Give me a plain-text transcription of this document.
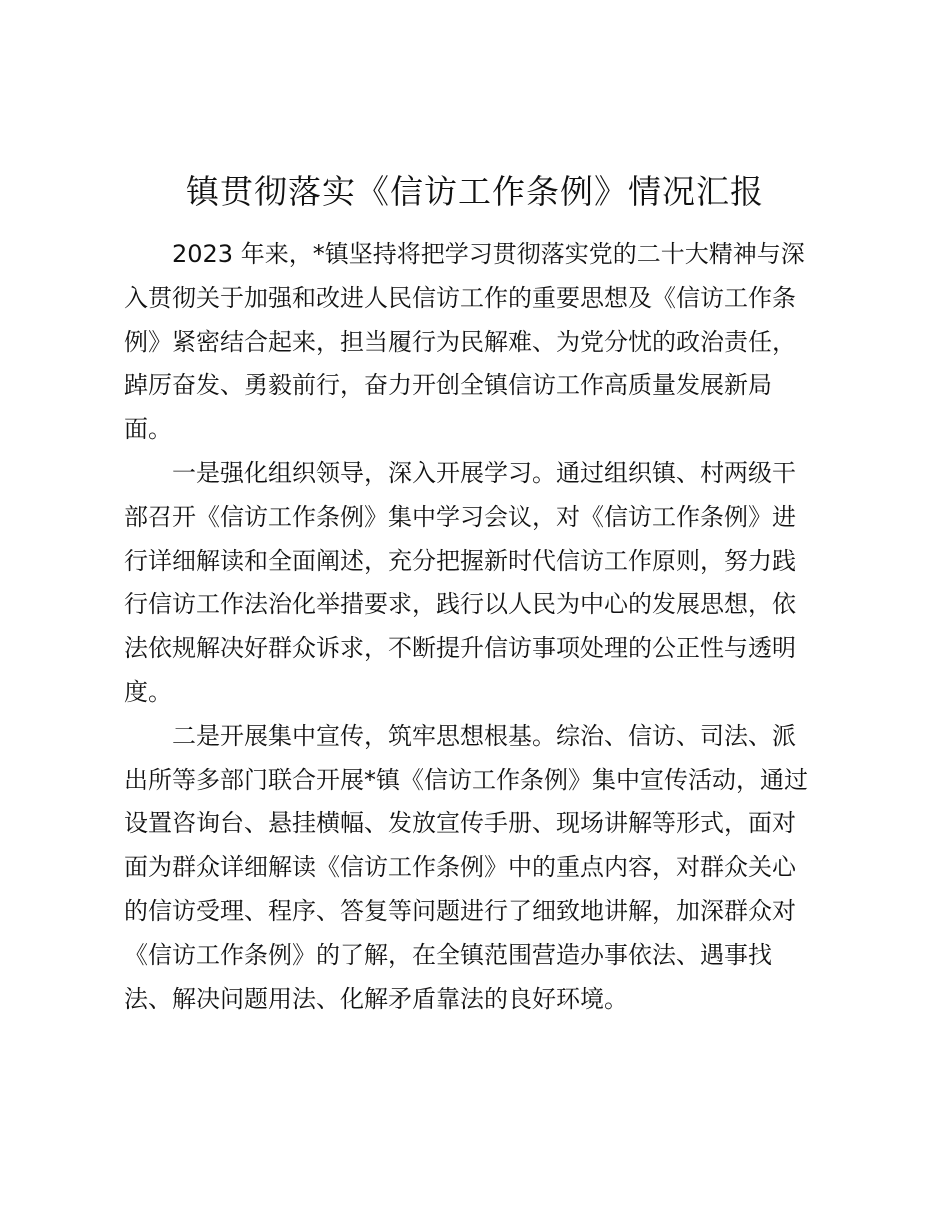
镇贯彻落实《信访工作条例》情况汇报
2023 年来，*镇坚持将把学习贯彻落实党的二十大精神与深
入贯彻关于加强和改进人民信访工作的重要思想及《信访工作条
例》紧密结合起来，担当履行为民解难、为党分忧的政治责任，
踔厉奋发、勇毅前行，奋力开创全镇信访工作高质量发展新局
面。
一是强化组织领导，深入开展学习。通过组织镇、村两级干
部召开《信访工作条例》集中学习会议，对《信访工作条例》进
行详细解读和全面阐述，充分把握新时代信访工作原则，努力践
行信访工作法治化举措要求，践行以人民为中心的发展思想，依
法依规解决好群众诉求，不断提升信访事项处理的公正性与透明
度。
二是开展集中宣传，筑牢思想根基。综治、信访、司法、派
出所等多部门联合开展*镇《信访工作条例》集中宣传活动，通过
设置咨询台、悬挂横幅、发放宣传手册、现场讲解等形式，面对
面为群众详细解读《信访工作条例》中的重点内容，对群众关心
的信访受理、程序、答复等问题进行了细致地讲解，加深群众对
《信访工作条例》的了解，在全镇范围营造办事依法、遇事找
法、解决问题用法、化解矛盾靠法的良好环境。
